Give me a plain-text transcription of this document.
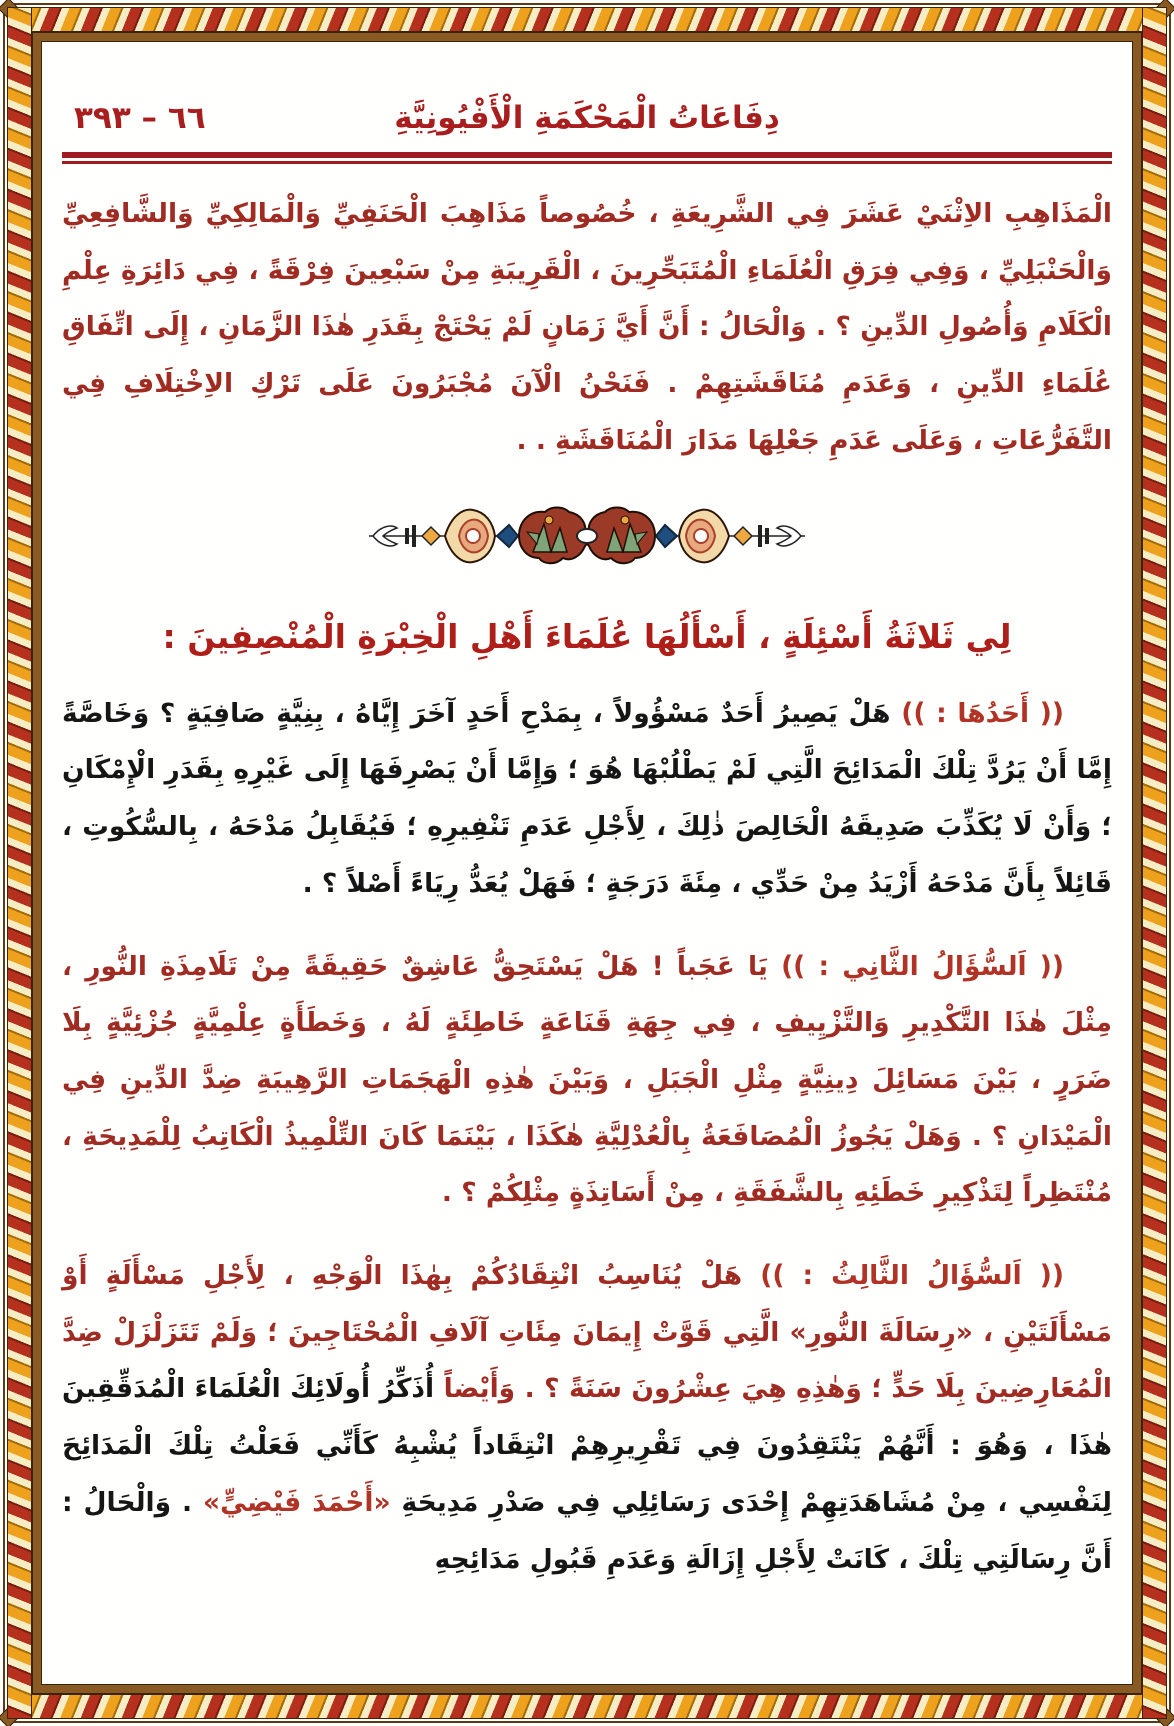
٦٦ – ٣٩٣	دِفَاعَاتُ الْمَحْكَمَةِ الْأَفْيُونِيَّةِ

الْمَذَاهِبِ الاِثْنَيْ عَشَرَ فِي الشَّرِيعَةِ ، خُصُوصاً مَذَاهِبَ الْحَنَفِيِّ وَالْمَالِكِيِّ وَالشَّافِعِيِّ وَالْحَنْبَلِيِّ ، وَفِي فِرَقِ الْعُلَمَاءِ الْمُتَبَحِّرِينَ ، الْقَرِيبَةِ مِنْ سَبْعِينَ فِرْقَةً ، فِي دَائِرَةِ عِلْمِ الْكَلَامِ وَأُصُولِ الدِّينِ ؟ . وَالْحَالُ : أَنَّ أَيَّ زَمَانٍ لَمْ يَحْتَجْ بِقَدَرِ هٰذَا الزَّمَانِ ، إِلَى اتِّفَاقِ عُلَمَاءِ الدِّينِ ، وَعَدَمِ مُنَاقَشَتِهِمْ . فَنَحْنُ الْآنَ مُجْبَرُونَ عَلَى تَرْكِ الاِخْتِلَافِ فِي التَّفَرُّعَاتِ ، وَعَلَى عَدَمِ جَعْلِهَا مَدَارَ الْمُنَاقَشَةِ . .

لِي ثَلاثَةُ أَسْئِلَةٍ ، أَسْأَلُهَا عُلَمَاءَ أَهْلِ الْخِبْرَةِ الْمُنْصِفِينَ :

(( أَحَدُهَا : )) هَلْ يَصِيرُ أَحَدٌ مَسْؤُولاً ، بِمَدْحِ أَحَدٍ آخَرَ إِيَّاهُ ، بِنِيَّةٍ صَافِيَةٍ ؟ وَخَاصَّةً إِمَّا أَنْ يَرُدَّ تِلْكَ الْمَدَائِحَ الَّتِي لَمْ يَطْلُبْهَا هُوَ ؛ وَإِمَّا أَنْ يَصْرِفَهَا إِلَى غَيْرِهِ بِقَدَرِ الْإِمْكَانِ ؛ وَأَنْ لَا يُكَذِّبَ صَدِيقَهُ الْخَالِصَ ذٰلِكَ ، لِأَجْلِ عَدَمِ تَنْفِيرِهِ ؛ فَيُقَابِلُ مَدْحَهُ ، بِالسُّكُوتِ ، قَائِلاً بِأَنَّ مَدْحَهُ أَزْيَدُ مِنْ حَدِّي ، مِئَةَ دَرَجَةٍ ؛ فَهَلْ يُعَدُّ رِيَاءً أَصْلاً ؟ .

(( اَلسُّؤَالُ الثَّانِي : )) يَا عَجَباً ! هَلْ يَسْتَحِقُّ عَاشِقٌ حَقِيقَةً مِنْ تَلَامِذَةِ النُّورِ ، مِثْلَ هٰذَا التَّكْدِيرِ وَالتَّزْيِيفِ ، فِي جِهَةِ قَنَاعَةٍ خَاطِئَةٍ لَهُ ، وَخَطَأَةٍ عِلْمِيَّةٍ جُزْئِيَّةٍ بِلَا ضَرَرٍ ، بَيْنَ مَسَائِلَ دِينِيَّةٍ مِثْلِ الْجَبَلِ ، وَبَيْنَ هٰذِهِ الْهَجَمَاتِ الرَّهِيبَةِ ضِدَّ الدِّينِ فِي الْمَيْدَانِ ؟ . وَهَلْ يَجُوزُ الْمُصَافَعَةُ بِالْعُدْلِيَّةِ هٰكَذَا ، بَيْنَمَا كَانَ التِّلْمِيذُ الْكَاتِبُ لِلْمَدِيحَةِ ، مُنْتَظِراً لِتَذْكِيرِ خَطَئِهِ بِالشَّفَقَةِ ، مِنْ أَسَاتِذَةٍ مِثْلِكُمْ ؟ .

(( اَلسُّؤَالُ الثَّالِثُ : )) هَلْ يُنَاسِبُ انْتِقَادُكُمْ بِهٰذَا الْوَجْهِ ، لِأَجْلِ مَسْأَلَةٍ أَوْ مَسْأَلَتَيْنِ ، «رِسَالَةَ النُّورِ» الَّتِي قَوَّتْ إِيمَانَ مِئَاتِ آلَافِ الْمُحْتَاجِينَ ؛ وَلَمْ تَتَزَلْزَلْ ضِدَّ الْمُعَارِضِينَ بِلَا حَدٍّ ؛ وَهٰذِهِ هِيَ عِشْرُونَ سَنَةً ؟ . وَأَيْضاً أُذَكِّرُ أُولَائِكَ الْعُلَمَاءَ الْمُدَقِّقِينَ هٰذَا ، وَهُوَ : أَنَّهُمْ يَنْتَقِدُونَ فِي تَقْرِيرِهِمْ انْتِقَاداً يُشْبِهُ كَأَنِّي فَعَلْتُ تِلْكَ الْمَدَائِحَ لِنَفْسِي ، مِنْ مُشَاهَدَتِهِمْ إِحْدَى رَسَائِلِي فِي صَدْرِ مَدِيحَةِ «أَحْمَدَ فَيْضِيٍّ» . وَالْحَالُ : أَنَّ رِسَالَتِي تِلْكَ ، كَانَتْ لِأَجْلِ إِزَالَةِ وَعَدَمِ قَبُولِ مَدَائِحِهِ
